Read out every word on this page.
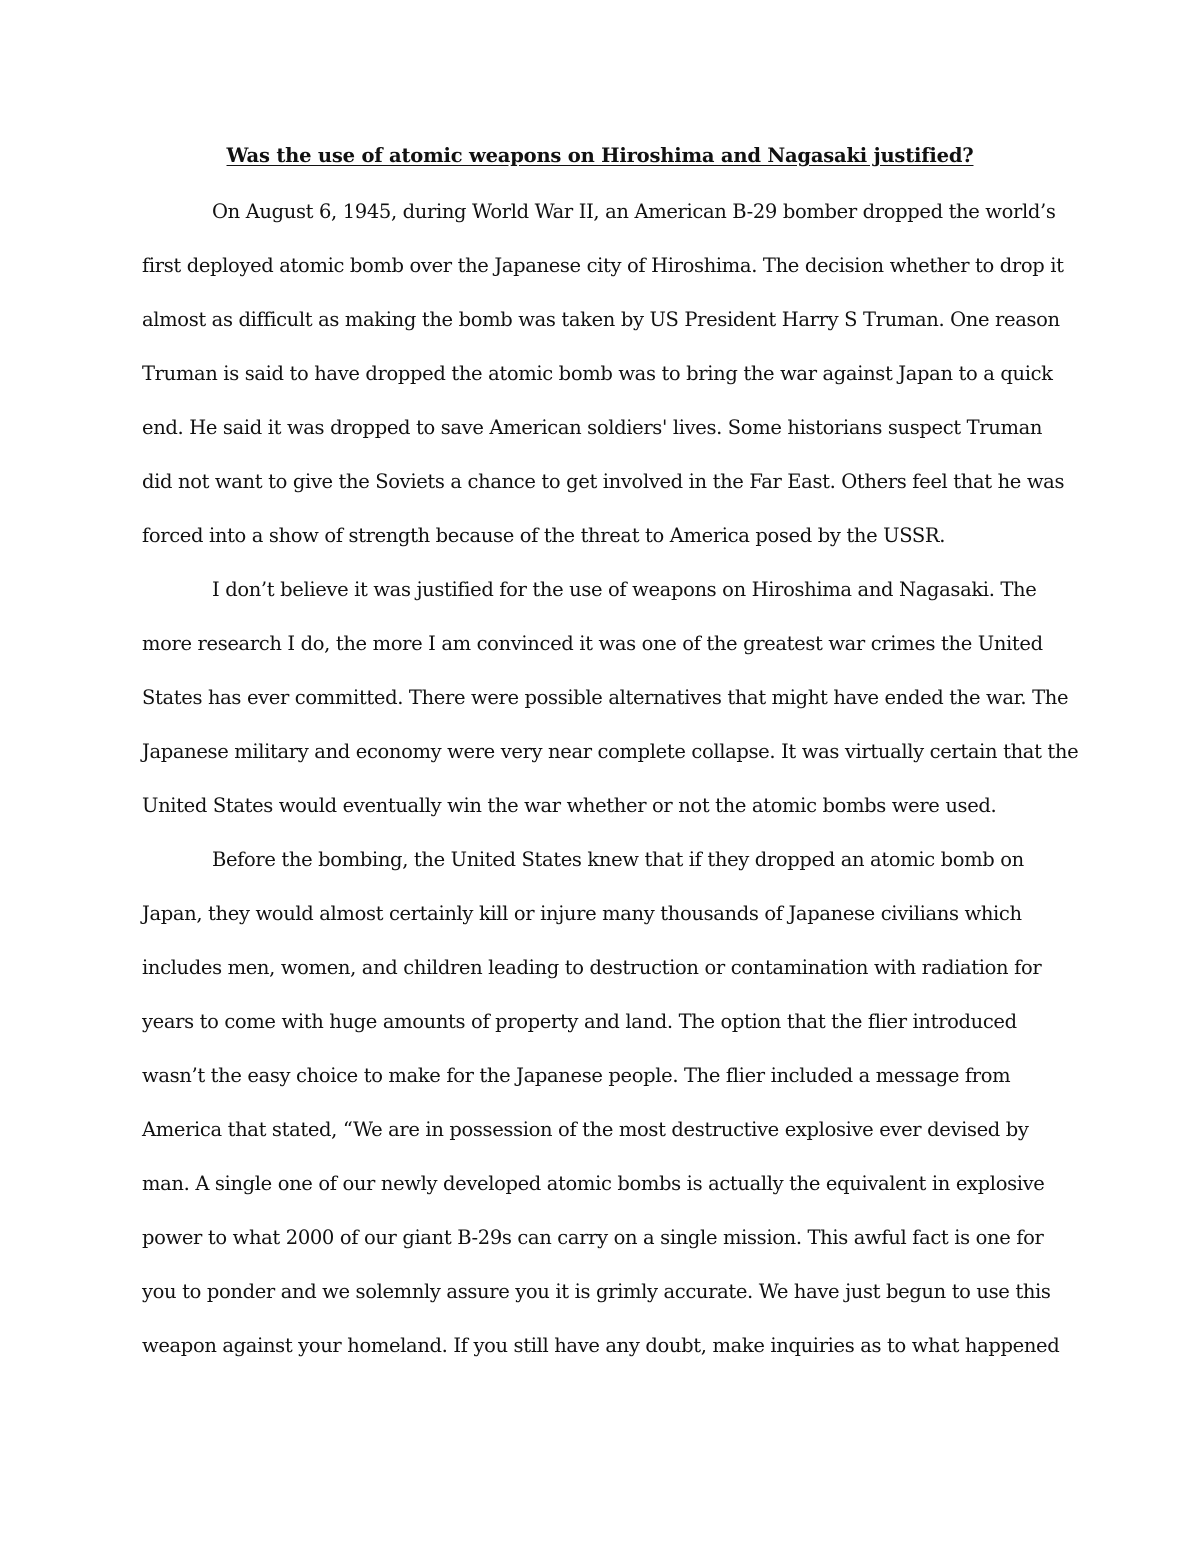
Was the use of atomic weapons on Hiroshima and Nagasaki justified?
On August 6, 1945, during World War II, an American B-29 bomber dropped the world’s
first deployed atomic bomb over the Japanese city of Hiroshima. The decision whether to drop it
almost as difficult as making the bomb was taken by US President Harry S Truman. One reason
Truman is said to have dropped the atomic bomb was to bring the war against Japan to a quick
end. He said it was dropped to save American soldiers' lives. Some historians suspect Truman
did not want to give the Soviets a chance to get involved in the Far East. Others feel that he was
forced into a show of strength because of the threat to America posed by the USSR.
I don’t believe it was justified for the use of weapons on Hiroshima and Nagasaki. The
more research I do, the more I am convinced it was one of the greatest war crimes the United
States has ever committed. There were possible alternatives that might have ended the war. The
Japanese military and economy were very near complete collapse. It was virtually certain that the
United States would eventually win the war whether or not the atomic bombs were used.
Before the bombing, the United States knew that if they dropped an atomic bomb on
Japan, they would almost certainly kill or injure many thousands of Japanese civilians which
includes men, women, and children leading to destruction or contamination with radiation for
years to come with huge amounts of property and land. The option that the flier introduced
wasn’t the easy choice to make for the Japanese people. The flier included a message from
America that stated, “We are in possession of the most destructive explosive ever devised by
man. A single one of our newly developed atomic bombs is actually the equivalent in explosive
power to what 2000 of our giant B-29s can carry on a single mission. This awful fact is one for
you to ponder and we solemnly assure you it is grimly accurate. We have just begun to use this
weapon against your homeland. If you still have any doubt, make inquiries as to what happened
